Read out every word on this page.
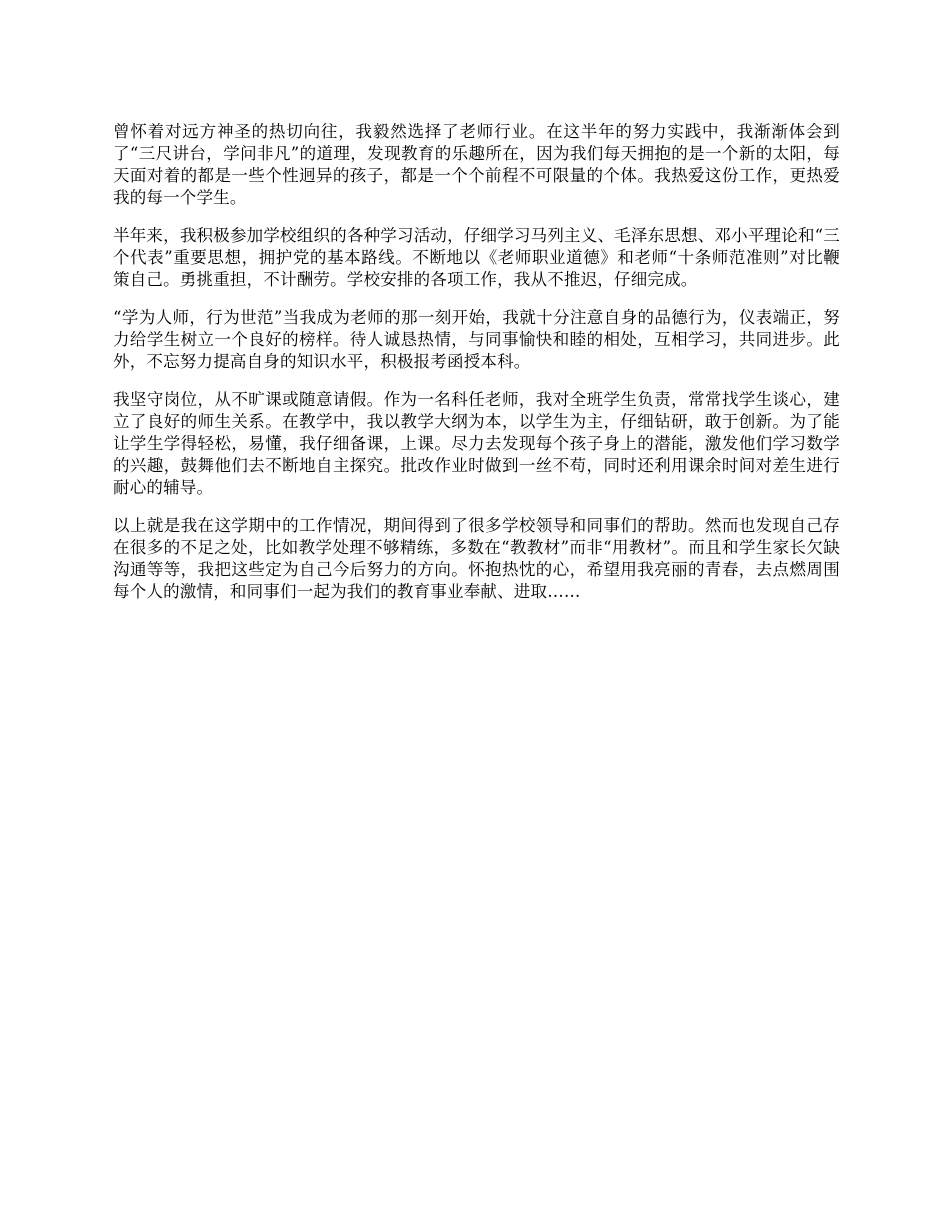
曾怀着对远方神圣的热切向往，我毅然选择了老师行业。在这半年的努力实践中，我渐渐体会到了“三尺讲台，学问非凡”的道理，发现教育的乐趣所在，因为我们每天拥抱的是一个新的太阳，每天面对着的都是一些个性迥异的孩子，都是一个个前程不可限量的个体。我热爱这份工作，更热爱我的每一个学生。

半年来，我积极参加学校组织的各种学习活动，仔细学习马列主义、毛泽东思想、邓小平理论和“三个代表”重要思想，拥护党的基本路线。不断地以《老师职业道德》和老师“十条师范准则”对比鞭策自己。勇挑重担，不计酬劳。学校安排的各项工作，我从不推迟，仔细完成。

“学为人师，行为世范”当我成为老师的那一刻开始，我就十分注意自身的品德行为，仪表端正，努力给学生树立一个良好的榜样。待人诚恳热情，与同事愉快和睦的相处，互相学习，共同进步。此外，不忘努力提高自身的知识水平，积极报考函授本科。

我坚守岗位，从不旷课或随意请假。作为一名科任老师，我对全班学生负责，常常找学生谈心，建立了良好的师生关系。在教学中，我以教学大纲为本，以学生为主，仔细钻研，敢于创新。为了能让学生学得轻松，易懂，我仔细备课，上课。尽力去发现每个孩子身上的潜能，激发他们学习数学的兴趣，鼓舞他们去不断地自主探究。批改作业时做到一丝不苟，同时还利用课余时间对差生进行耐心的辅导。

以上就是我在这学期中的工作情况，期间得到了很多学校领导和同事们的帮助。然而也发现自己存在很多的不足之处，比如教学处理不够精练，多数在“教教材”而非“用教材”。而且和学生家长欠缺沟通等等，我把这些定为自己今后努力的方向。怀抱热忱的心，希望用我亮丽的青春，去点燃周围每个人的激情，和同事们一起为我们的教育事业奉献、进取……
